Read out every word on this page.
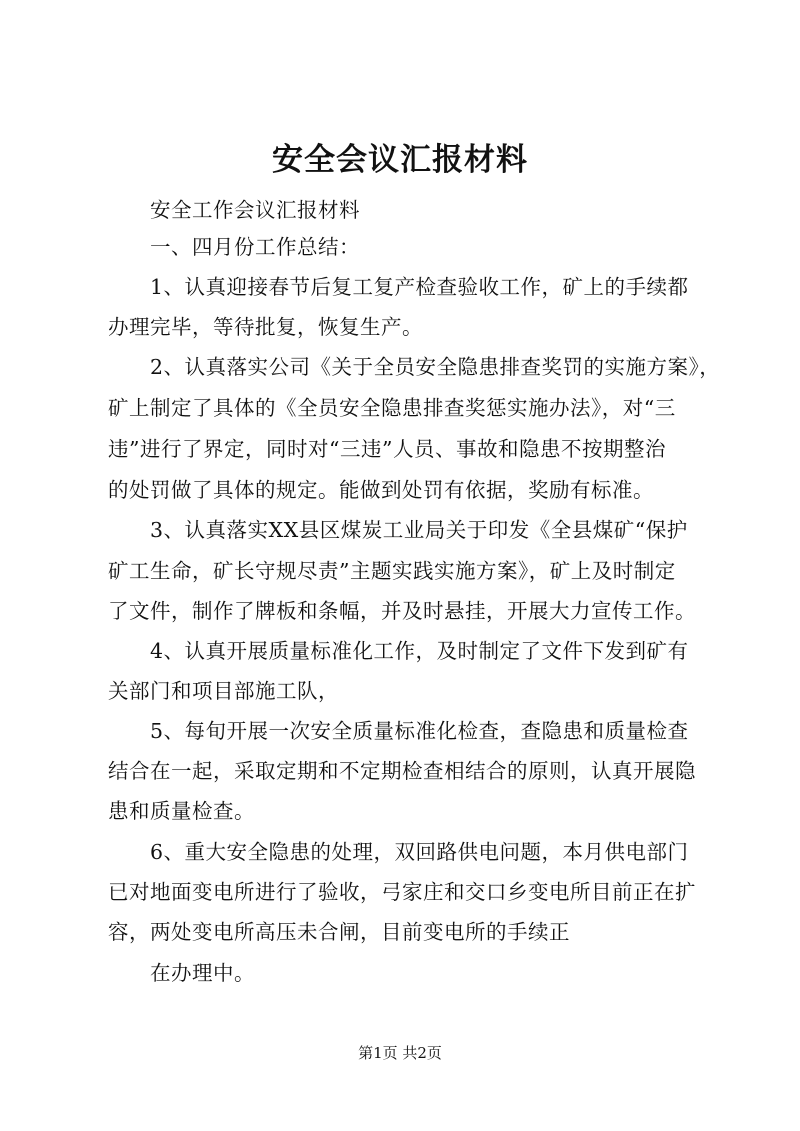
安全会议汇报材料
安全工作会议汇报材料
一、四月份工作总结：
1、认真迎接春节后复工复产检查验收工作，矿上的手续都
办理完毕，等待批复，恢复生产。
2、认真落实公司《关于全员安全隐患排查奖罚的实施方案》，
矿上制定了具体的《全员安全隐患排查奖惩实施办法》，对“三
违”进行了界定，同时对“三违”人员、事故和隐患不按期整治
的处罚做了具体的规定。能做到处罚有依据，奖励有标准。
3、认真落实XX县区煤炭工业局关于印发《全县煤矿“保护
矿工生命，矿长守规尽责”主题实践实施方案》，矿上及时制定
了文件，制作了牌板和条幅，并及时悬挂，开展大力宣传工作。
4、认真开展质量标准化工作，及时制定了文件下发到矿有
关部门和项目部施工队，
5、每旬开展一次安全质量标准化检查，查隐患和质量检查
结合在一起，采取定期和不定期检查相结合的原则，认真开展隐
患和质量检查。
6、重大安全隐患的处理，双回路供电问题，本月供电部门
已对地面变电所进行了验收，弓家庄和交口乡变电所目前正在扩
容，两处变电所高压未合闸，目前变电所的手续正
在办理中。
第1页 共2页
